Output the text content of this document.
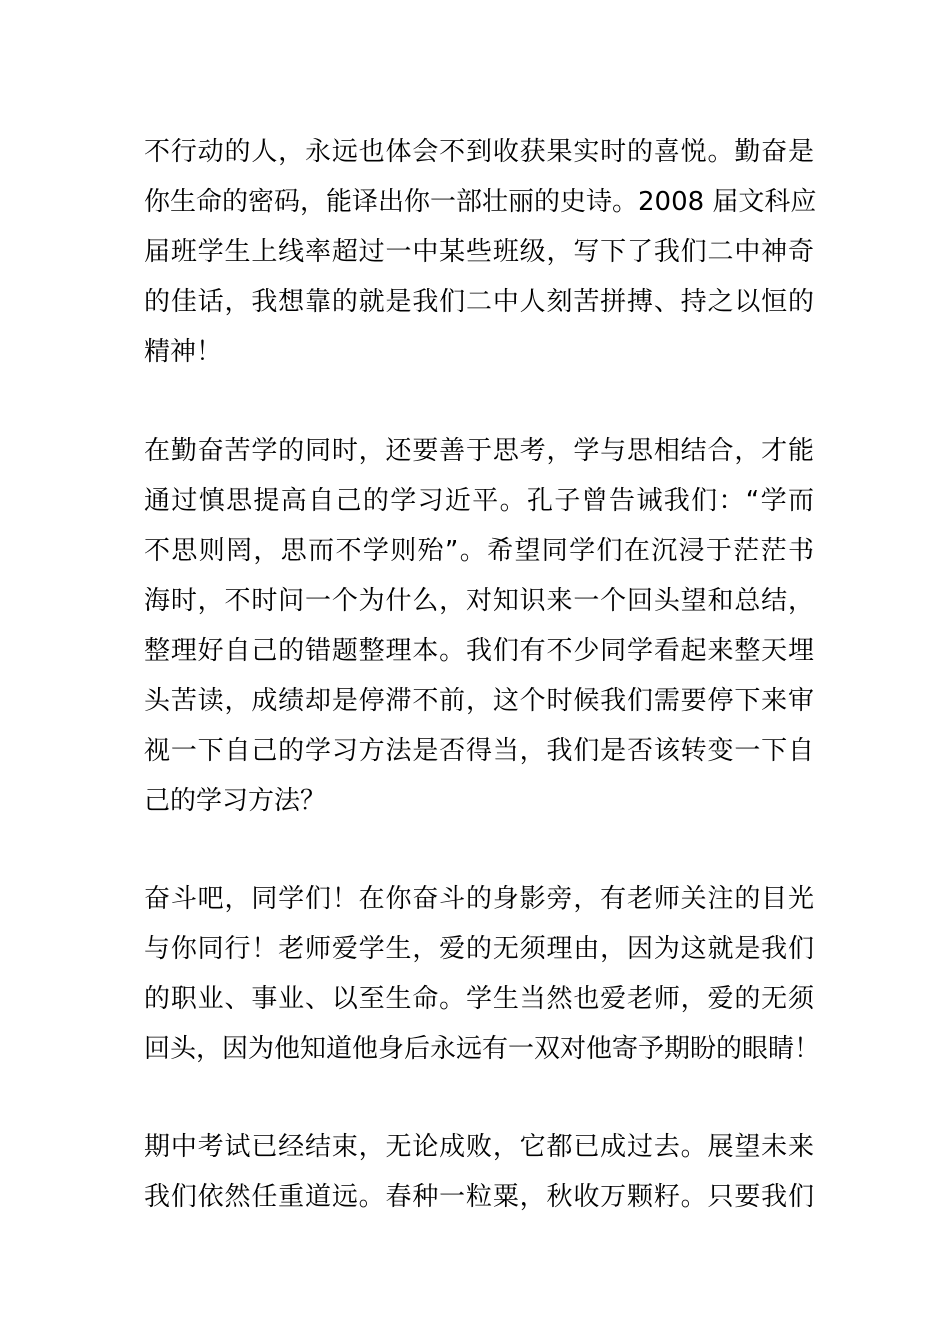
不行动的人，永远也体会不到收获果实时的喜悦。勤奋是
你生命的密码，能译出你一部壮丽的史诗。2008 届文科应
届班学生上线率超过一中某些班级，写下了我们二中神奇
的佳话，我想靠的就是我们二中人刻苦拼搏、持之以恒的
精神！
在勤奋苦学的同时，还要善于思考，学与思相结合，才能
通过慎思提高自己的学习近平。孔子曾告诫我们：“学而
不思则罔，思而不学则殆”。希望同学们在沉浸于茫茫书
海时，不时问一个为什么，对知识来一个回头望和总结，
整理好自己的错题整理本。我们有不少同学看起来整天埋
头苦读，成绩却是停滞不前，这个时候我们需要停下来审
视一下自己的学习方法是否得当，我们是否该转变一下自
己的学习方法？
奋斗吧，同学们！在你奋斗的身影旁，有老师关注的目光
与你同行！老师爱学生，爱的无须理由，因为这就是我们
的职业、事业、以至生命。学生当然也爱老师，爱的无须
回头，因为他知道他身后永远有一双对他寄予期盼的眼睛！
期中考试已经结束，无论成败，它都已成过去。展望未来
我们依然任重道远。春种一粒粟，秋收万颗籽。只要我们
